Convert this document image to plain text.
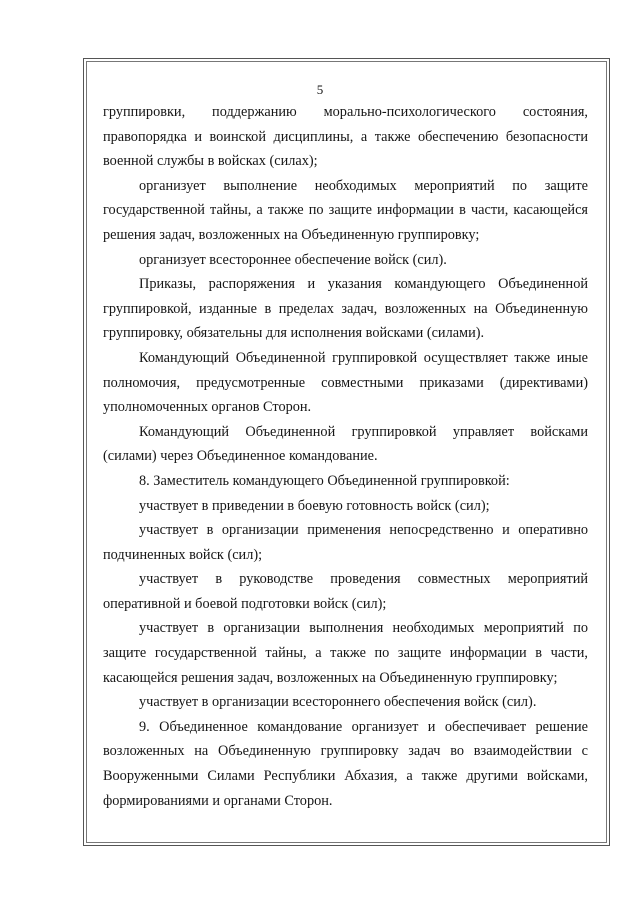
5

группировки, поддержанию морально-психологического состояния, правопорядка и воинской дисциплины, а также обеспечению безопасности военной службы в войсках (силах);

организует выполнение необходимых мероприятий по защите государственной тайны, а также по защите информации в части, касающейся решения задач, возложенных на Объединенную группировку;

организует всестороннее обеспечение войск (сил).

Приказы, распоряжения и указания командующего Объединенной группировкой, изданные в пределах задач, возложенных на Объединенную группировку, обязательны для исполнения войсками (силами).

Командующий Объединенной группировкой осуществляет также иные полномочия, предусмотренные совместными приказами (директивами) уполномоченных органов Сторон.

Командующий Объединенной группировкой управляет войсками (силами) через Объединенное командование.

8. Заместитель командующего Объединенной группировкой:

участвует в приведении в боевую готовность войск (сил);

участвует в организации применения непосредственно и оперативно подчиненных войск (сил);

участвует в руководстве проведения совместных мероприятий оперативной и боевой подготовки войск (сил);

участвует в организации выполнения необходимых мероприятий по защите государственной тайны, а также по защите информации в части, касающейся решения задач, возложенных на Объединенную группировку;

участвует в организации всестороннего обеспечения войск (сил).

9. Объединенное командование организует и обеспечивает решение возложенных на Объединенную группировку задач во взаимодействии с Вооруженными Силами Республики Абхазия, а также другими войсками, формированиями и органами Сторон.
